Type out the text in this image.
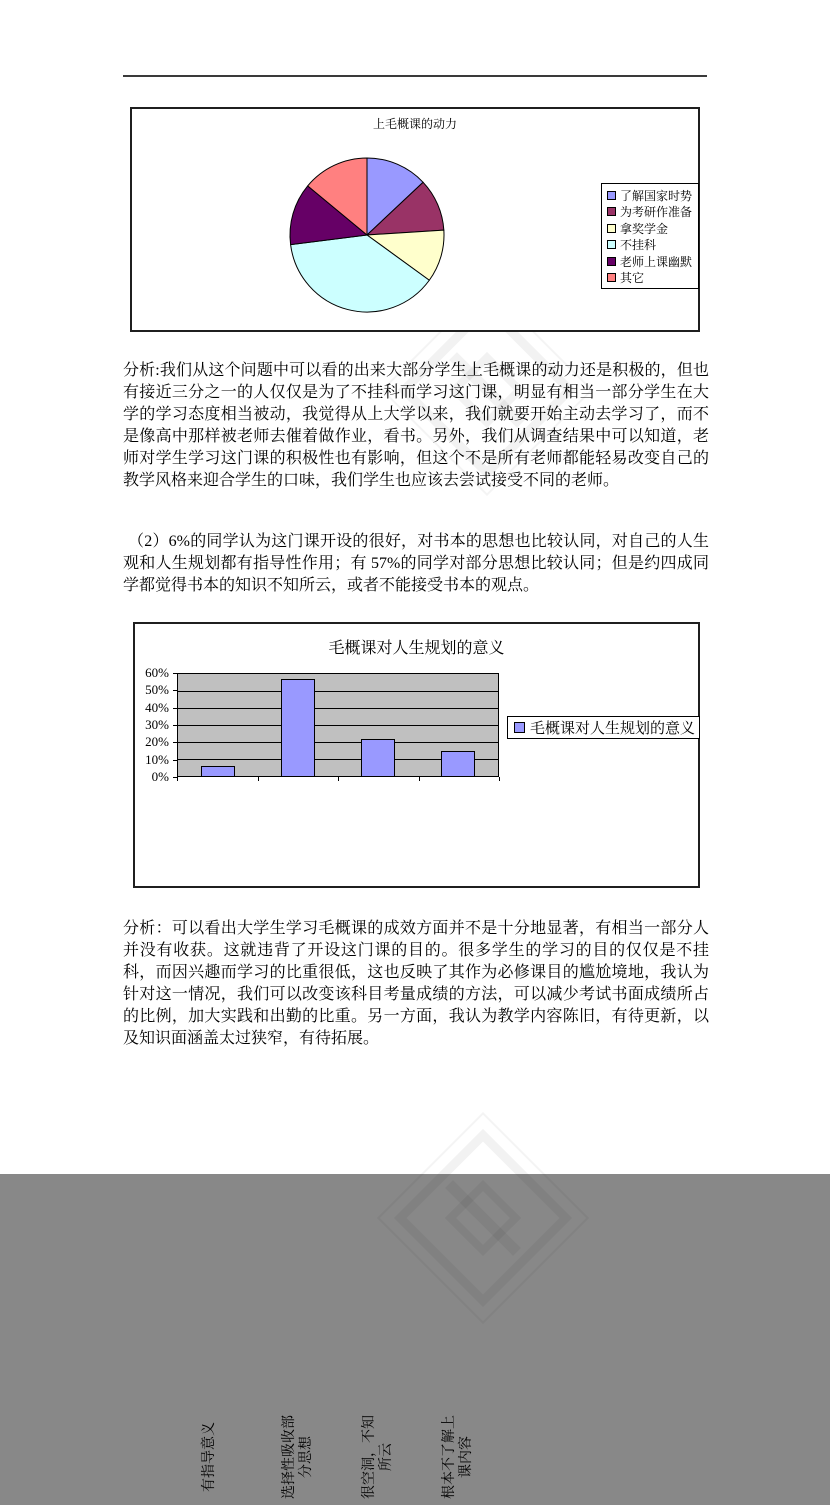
上毛概课的动力
了解国家时势
为考研作准备
拿奖学金
不挂科
老师上课幽默
其它
分析:我们从这个问题中可以看的出来大部分学生上毛概课的动力还是积极的，但也有接近三分之一的人仅仅是为了不挂科而学习这门课，明显有相当一部分学生在大学的学习态度相当被动，我觉得从上大学以来，我们就要开始主动去学习了，而不是像高中那样被老师去催着做作业，看书。另外，我们从调查结果中可以知道，老师对学生学习这门课的积极性也有影响，但这个不是所有老师都能轻易改变自己的教学风格来迎合学生的口味，我们学生也应该去尝试接受不同的老师。
（2）6%的同学认为这门课开设的很好，对书本的思想也比较认同，对自己的人生观和人生规划都有指导性作用；有 57%的同学对部分思想比较认同；但是约四成同学都觉得书本的知识不知所云，或者不能接受书本的观点。
毛概课对人生规划的意义
60%
50%
40%
30%
20%
10%
0%
有指导意义	选择性吸收部分思想	很空洞，不知所云	根本不了解上课内容
毛概课对人生规划的意义
分析：可以看出大学生学习毛概课的成效方面并不是十分地显著，有相当一部分人并没有收获。这就违背了开设这门课的目的。很多学生的学习的目的仅仅是不挂科，而因兴趣而学习的比重很低，这也反映了其作为必修课目的尴尬境地，我认为针对这一情况，我们可以改变该科目考量成绩的方法，可以减少考试书面成绩所占的比例，加大实践和出勤的比重。另一方面，我认为教学内容陈旧，有待更新，以及知识面涵盖太过狭窄，有待拓展。
